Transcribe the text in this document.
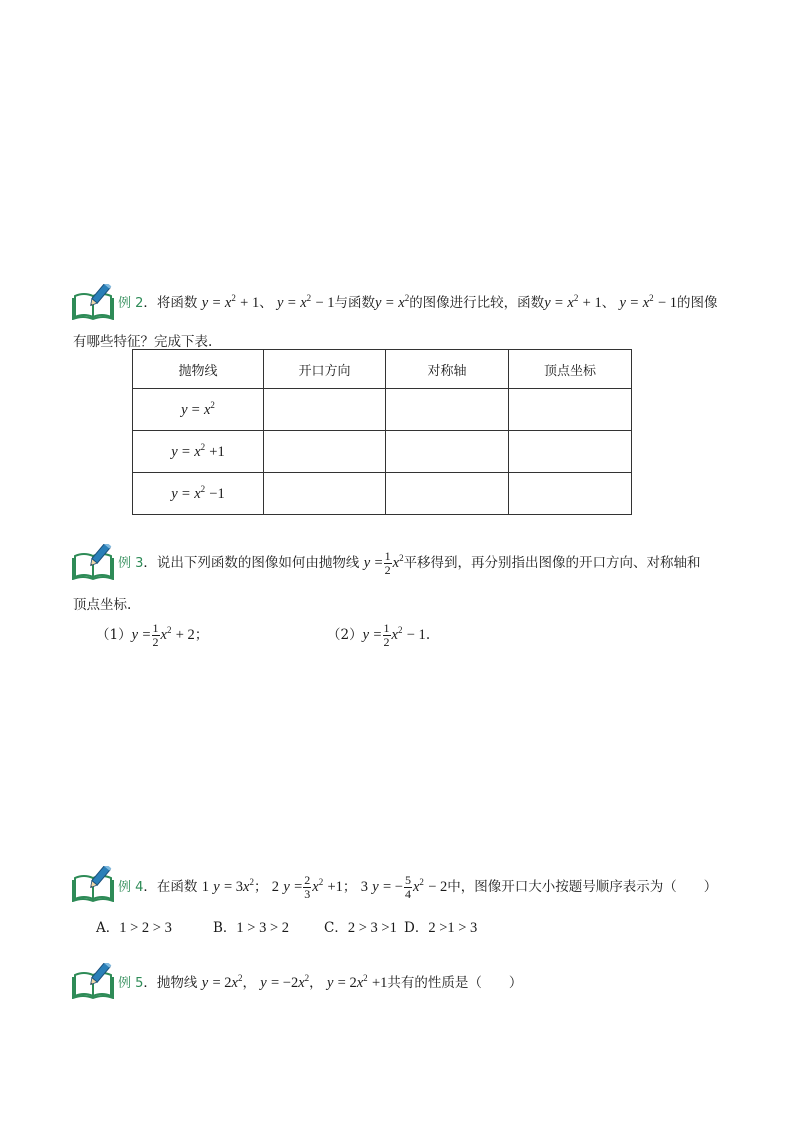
例 2．将函数 $y = x^2 + 1$、 $y = x^2 - 1$与函数$y = x^2$的图像进行比较，函数$y = x^2 + 1$、 $y = x^2 - 1$的图像
有哪些特征？完成下表.
抛物线	开口方向	对称轴	顶点坐标
$y = x^2$			
$y = x^2 +1$			
$y = x^2 -1$			
例 3．说出下列函数的图像如何由抛物线 $y = \frac{1}{2} x^2$平移得到，再分别指出图像的开口方向、对称轴和
顶点坐标.
$(1)y = \frac{1}{2} x^2 + 2$；	$(2)y = \frac{1}{2} x^2 - 1$.
例 4．在函数 1 $y = 3x^2$； 2 $y = \frac{2}{3} x^2 +1$； 3 y = − $\frac{5}{4} x^2 - 2$中，图像开口大小按题号顺序表示为（　　）
A．1 > 2 > 3	B．1 > 3 > 2	C．2 > 3 >1 D．2 >1 > 3
例 5．抛物线 $y = 2x^2$， $y = -2x^2$， $y = 2x^2 +1$共有的性质是（　　）
